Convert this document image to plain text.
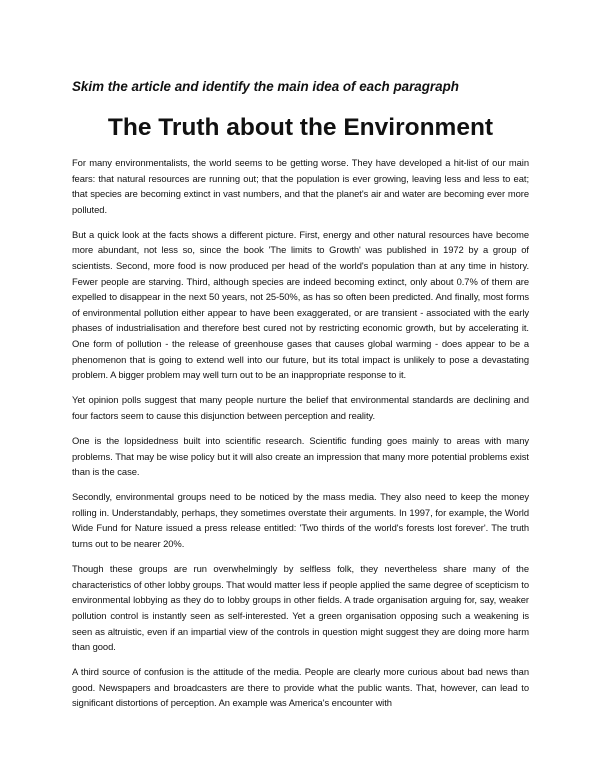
Skim the article and identify the main idea of each paragraph
The Truth about the Environment

For many environmentalists, the world seems to be getting worse. They have developed a hit-list of our main fears: that natural resources are running out; that the population is ever growing, leaving less and less to eat; that species are becoming extinct in vast numbers, and that the planet's air and water are becoming ever more polluted.

But a quick look at the facts shows a different picture. First, energy and other natural resources have become more abundant, not less so, since the book 'The limits to Growth' was published in 1972 by a group of scientists. Second, more food is now produced per head of the world's population than at any time in history. Fewer people are starving. Third, although species are indeed becoming extinct, only about 0.7% of them are expelled to disappear in the next 50 years, not 25-50%, as has so often been predicted. And finally, most forms of environmental pollution either appear to have been exaggerated, or are transient - associated with the early phases of industrialisation and therefore best cured not by restricting economic growth, but by accelerating it. One form of pollution - the release of greenhouse gases that causes global warming - does appear to be a phenomenon that is going to extend well into our future, but its total impact is unlikely to pose a devastating problem. A bigger problem may well turn out to be an inappropriate response to it.

Yet opinion polls suggest that many people nurture the belief that environmental standards are declining and four factors seem to cause this disjunction between perception and reality.

One is the lopsidedness built into scientific research. Scientific funding goes mainly to areas with many problems. That may be wise policy but it will also create an impression that many more potential problems exist than is the case.

Secondly, environmental groups need to be noticed by the mass media. They also need to keep the money rolling in. Understandably, perhaps, they sometimes overstate their arguments. In 1997, for example, the World Wide Fund for Nature issued a press release entitled: 'Two thirds of the world's forests lost forever'. The truth turns out to be nearer 20%.

Though these groups are run overwhelmingly by selfless folk, they nevertheless share many of the characteristics of other lobby groups. That would matter less if people applied the same degree of scepticism to environmental lobbying as they do to lobby groups in other fields. A trade organisation arguing for, say, weaker pollution control is instantly seen as self-interested. Yet a green organisation opposing such a weakening is seen as altruistic, even if an impartial view of the controls in question might suggest they are doing more harm than good.

A third source of confusion is the attitude of the media. People are clearly more curious about bad news than good. Newspapers and broadcasters are there to provide what the public wants. That, however, can lead to significant distortions of perception. An example was America's encounter with
